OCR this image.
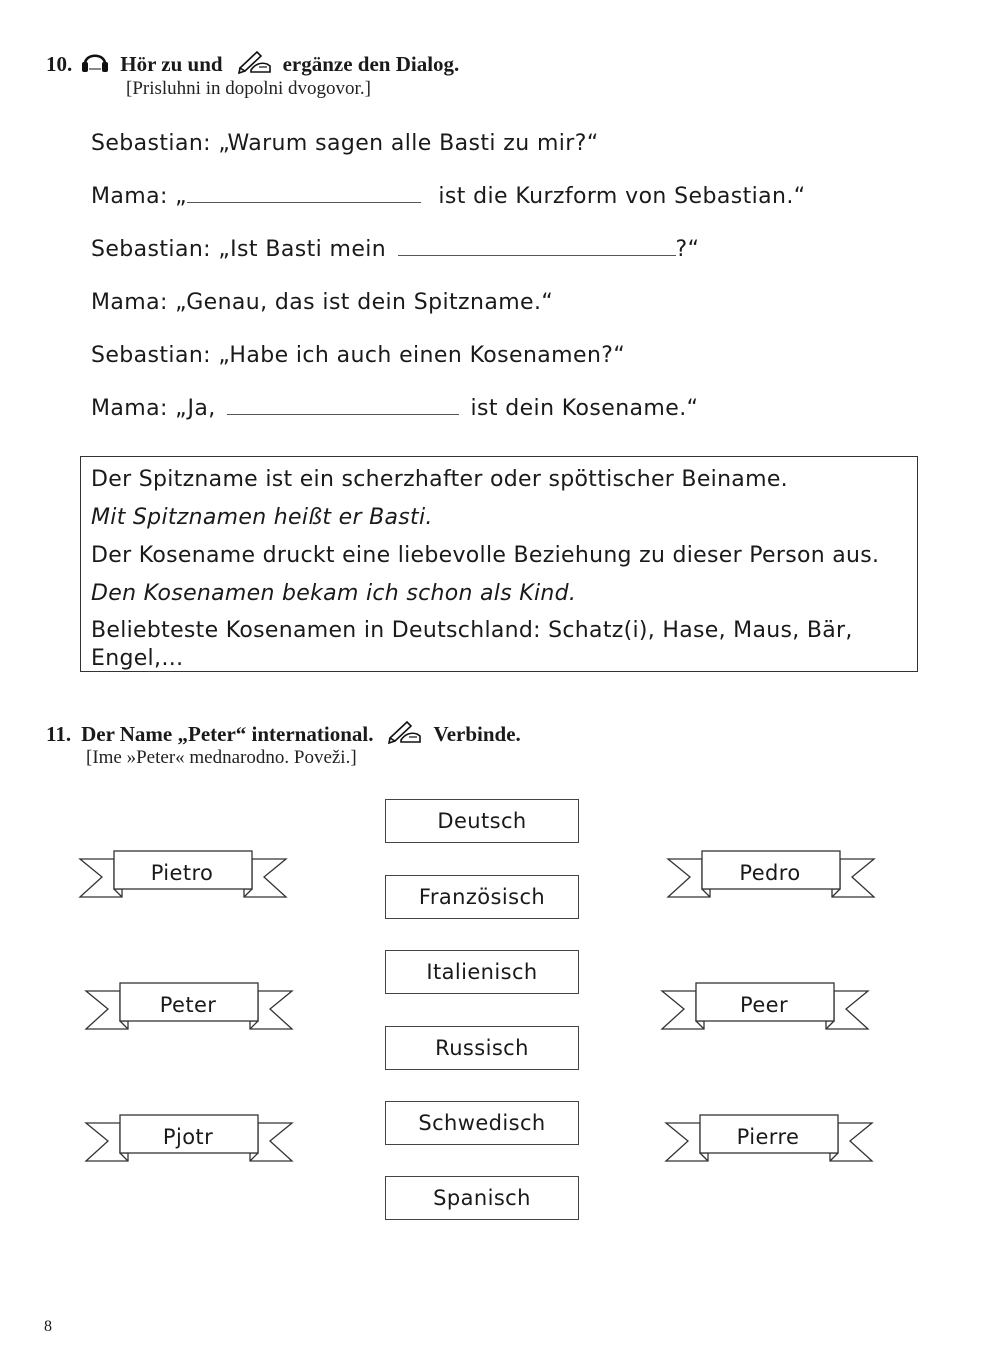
10. Hör zu und	ergänze den Dialog.
[Prisluhni in dopolni dvogovor.]
Sebastian: „Warum sagen alle Basti zu mir?“
Mama: „	ist die Kurzform von Sebastian.“
Sebastian: „Ist Basti mein	?“
Mama: „Genau, das ist dein Spitzname.“
Sebastian: „Habe ich auch einen Kosenamen?“
Mama: „Ja,	ist dein Kosename.“

Der Spitzname ist ein scherzhafter oder spöttischer Beiname.

Mit Spitznamen heißt er Basti.

Der Kosename druckt eine liebevolle Beziehung zu dieser Person aus.

Den Kosenamen bekam ich schon als Kind.

Beliebteste Kosenamen in Deutschland: Schatz(i), Hase, Maus, Bär,
Engel,…

11. Der Name „Peter“ international.	Verbinde.
[Ime »Peter« mednarodno. Poveži.]
Deutsch
Französisch
Italienisch
Russisch
Schwedisch
Spanisch
Pietro
Peter
Pjotr
Pedro
Peer
Pierre
8
